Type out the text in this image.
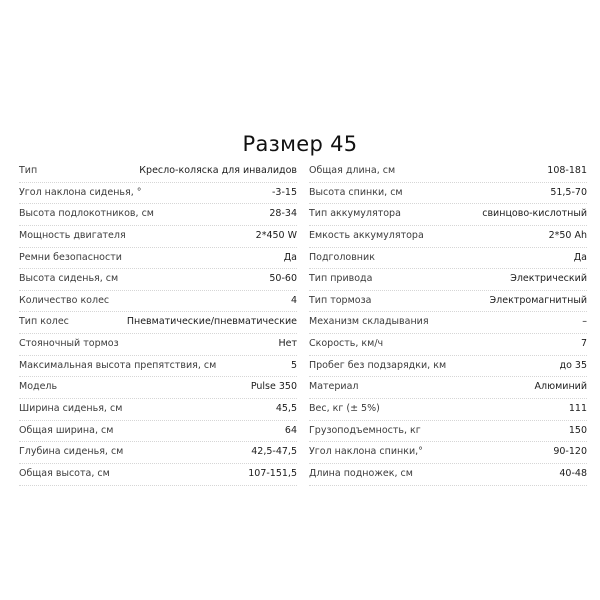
Размер 45
Тип	Кресло-коляска для инвалидов
Угол наклона сиденья, °	-3-15
Высота подлокотников, см	28-34
Мощность двигателя	2*450 W
Ремни безопасности	Да
Высота сиденья, см	50-60
Количество колес	4
Тип колес	Пневматические/пневматические
Стояночный тормоз	Нет
Максимальная высота препятствия, см	5
Модель	Pulse 350
Ширина сиденья, см	45,5
Общая ширина, см	64
Глубина сиденья, см	42,5-47,5
Общая высота, см	107-151,5
Общая длина, см	108-181
Высота спинки, см	51,5-70
Тип аккумулятора	свинцово-кислотный
Емкость аккумулятора	2*50 Ah
Подголовник	Да
Тип привода	Электрический
Тип тормоза	Электромагнитный
Механизм складывания	–
Скорость, км/ч	7
Пробег без подзарядки, км	до 35
Материал	Алюминий
Вес, кг (± 5%)	111
Грузоподъемность, кг	150
Угол наклона спинки,°	90-120
Длина подножек, см	40-48
